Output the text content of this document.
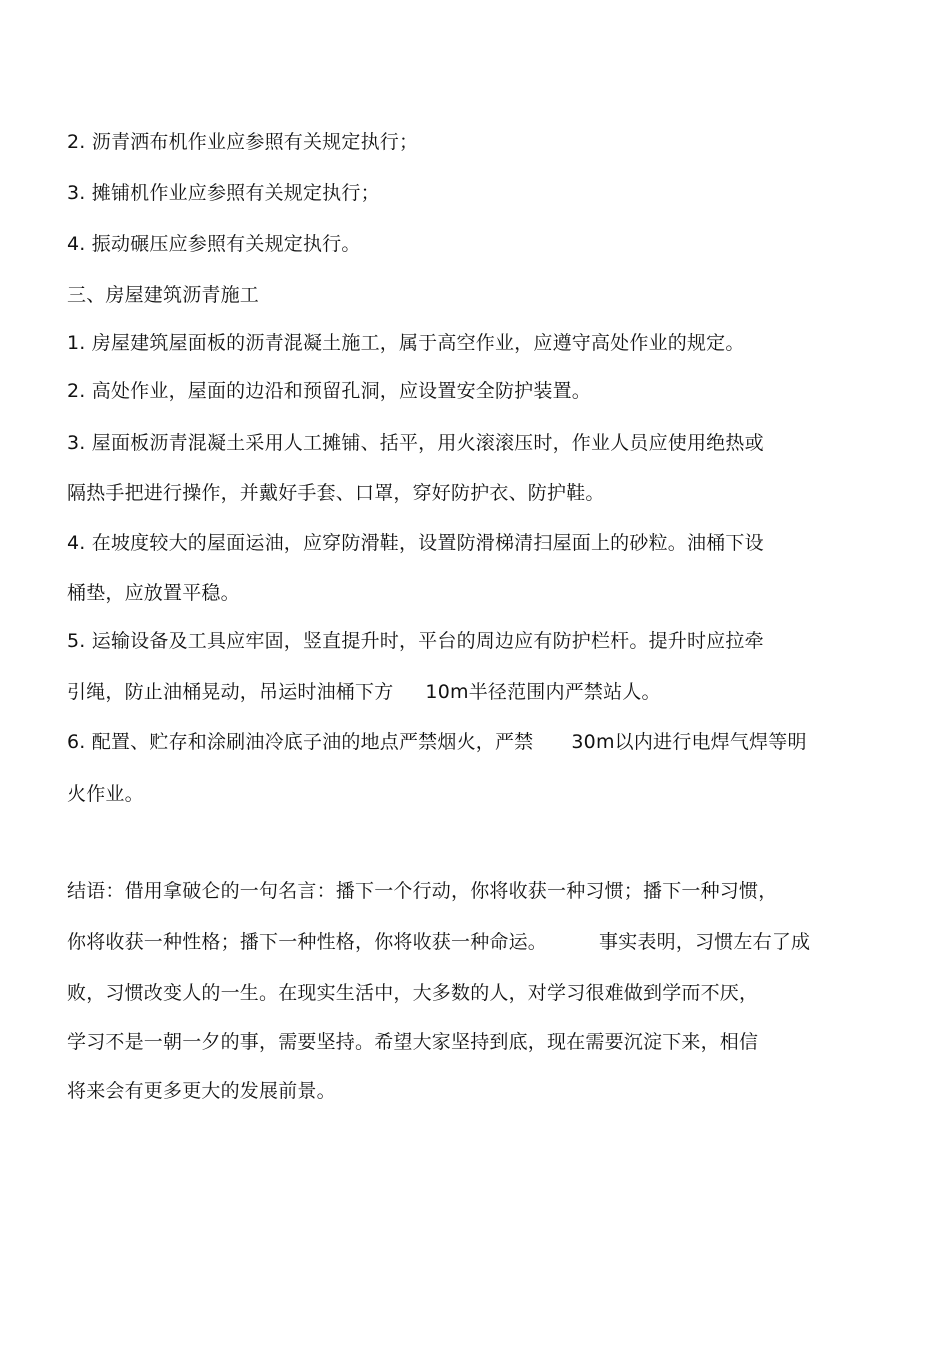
2. 沥青洒布机作业应参照有关规定执行；
3. 摊铺机作业应参照有关规定执行；
4. 振动碾压应参照有关规定执行。
三、房屋建筑沥青施工
1. 房屋建筑屋面板的沥青混凝土施工，属于高空作业，应遵守高处作业的规定。
2. 高处作业，屋面的边沿和预留孔洞，应设置安全防护装置。
3. 屋面板沥青混凝土采用人工摊铺、括平，用火滚滚压时，作业人员应使用绝热或
隔热手把进行操作，并戴好手套、口罩，穿好防护衣、防护鞋。
4. 在坡度较大的屋面运油，应穿防滑鞋，设置防滑梯清扫屋面上的砂粒。油桶下设
桶垫，应放置平稳。
5. 运输设备及工具应牢固，竖直提升时，平台的周边应有防护栏杆。提升时应拉牵
引绳，防止油桶晃动，吊运时油桶下方 10m半径范围内严禁站人。
6. 配置、贮存和涂刷油冷底子油的地点严禁烟火，严禁 30m以内进行电焊气焊等明
火作业。
结语：借用拿破仑的一句名言：播下一个行动，你将收获一种习惯；播下一种习惯，
你将收获一种性格；播下一种性格，你将收获一种命运。	事实表明，习惯左右了成
败，习惯改变人的一生。在现实生活中，大多数的人，对学习很难做到学而不厌，
学习不是一朝一夕的事，需要坚持。希望大家坚持到底，现在需要沉淀下来，相信
将来会有更多更大的发展前景。
